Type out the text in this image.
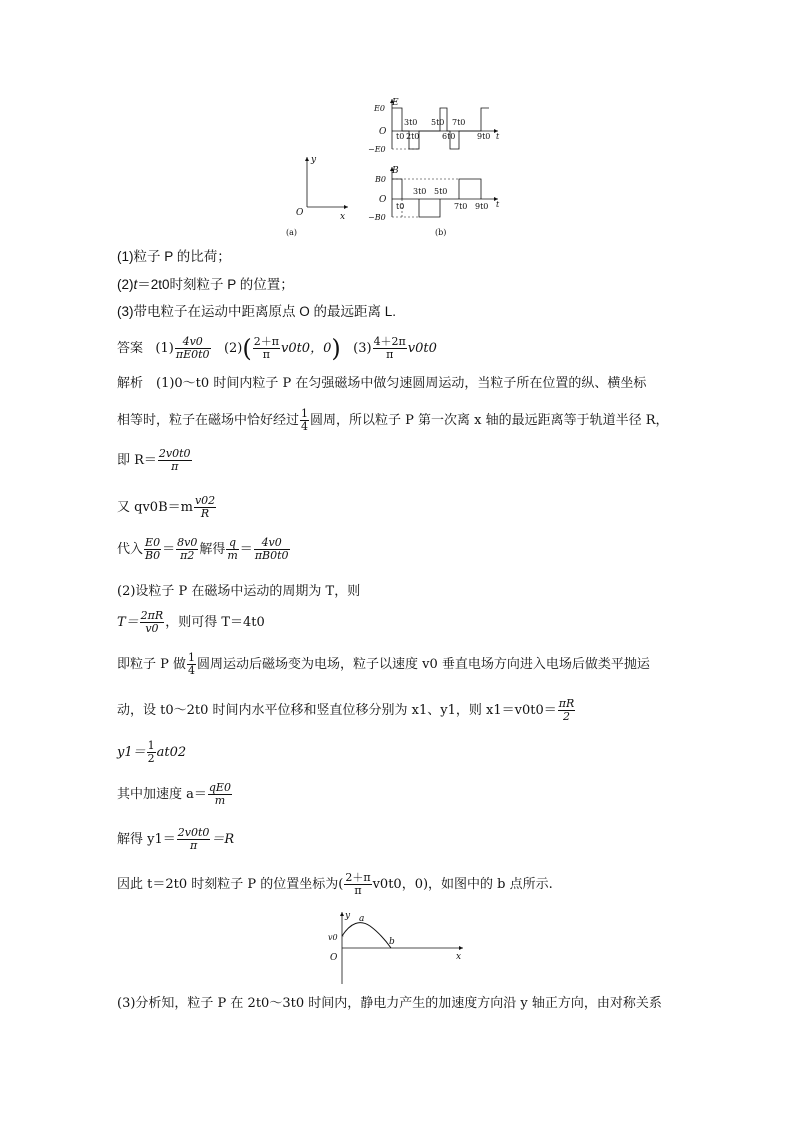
y
x
O
(a)
E
E0
O
−E0
t
3t0 5t0 7t0
t0 2t0	6t0	9t0
B
B0
O
−B0
t
t0
3t0 5t0
7t0 9t0
(b)
(1)粒子 P 的比荷；
(2)t＝2t0时刻粒子 P 的位置；
(3)带电粒子在运动中距离原点 O 的最远距离 L.
答案 $(1) \frac{4v0}{\pi E0t0} (2)( \frac{2+\pi}{\pi} v0t0$，0) $(3) \frac{4+2\pi}{\pi} v0t0$
解析　(1)0～t0 时间内粒子 P 在匀强磁场中做匀速圆周运动，当粒子所在位置的纵、横坐标
相等时，粒子在磁场中恰好经过 $\frac{1}{4}$ 圆周，所以粒子 P 第一次离 x 轴的最远距离等于轨道半径 R，
即 $R= \frac{2v0t0}{\pi}$
又 $qv0B=m \frac{v02}{R}$
代入 $\frac{E0}{B0} = \frac{8v0}{\pi 2}$ 解得 $\frac{q}{m} = \frac{4v0}{\pi B0t0}$
(2)设粒子 P 在磁场中运动的周期为 T，则
$T= \frac{2\pi R}{v0}$ ，则可得 T＝4t0
即粒子 P 做 $\frac{1}{4}$ 圆周运动后磁场变为电场，粒子以速度 v0 垂直电场方向进入电场后做类平抛运
动，设 t0～2t0 时间内水平位移和竖直位移分别为 x1、y1，则 $x1=v0t0= \frac{\pi R}{2}$
$y1= \frac{1}{2} at02$
其中加速度 $a= \frac{qE0}{m}$
解得 $y1= \frac{2v0t0}{\pi} =R$
因此 t＝2t0 时刻粒子 P 的位置坐标为( $\frac{2+\pi}{\pi} v0t0$，0)，如图中的 b 点所示.
y
x
O
v0
a
b
(3)分析知，粒子 P 在 2t0～3t0 时间内，静电力产生的加速度方向沿 y 轴正方向，由对称关系
